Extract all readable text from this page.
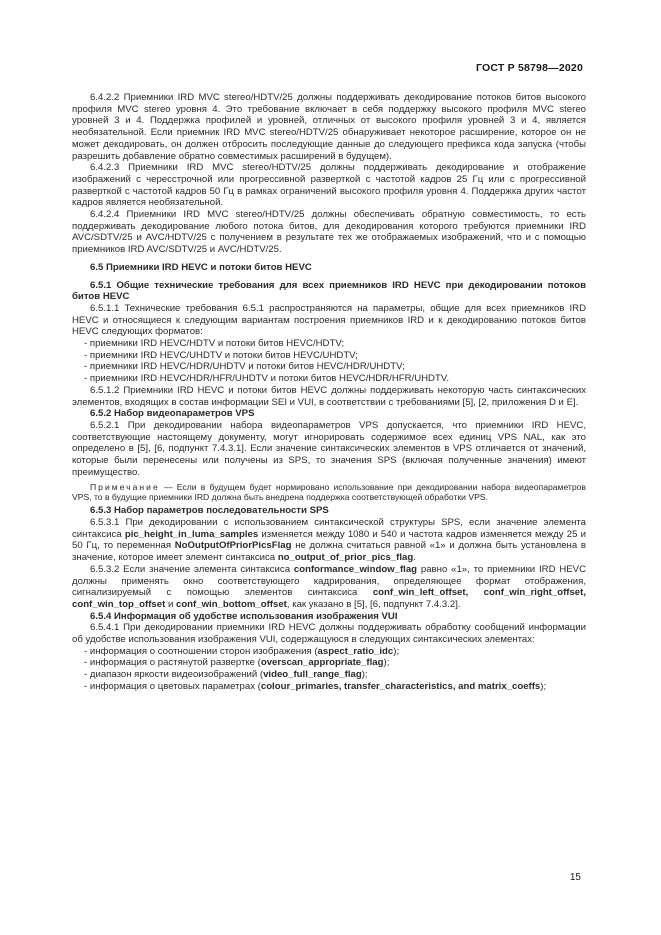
ГОСТ Р 58798—2020

6.4.2.2 Приемники IRD MVC stereo/HDTV/25 должны поддерживать декодирование потоков битов высокого профиля MVC stereo уровня 4. Это требование включает в себя поддержку высокого профиля MVC stereo уровней 3 и 4. Поддержка профилей и уровней, отличных от высокого профиля уровней 3 и 4, является необязательной. Если приемник IRD MVC stereo/HDTV/25 обнаруживает некоторое расширение, которое он не может декодировать, он должен отбросить последующие данные до следующего префикса кода запуска (чтобы разрешить добавление обратно совместимых расширений в будущем).

6.4.2.3 Приемники IRD MVC stereo/HDTV/25 должны поддерживать декодирование и отображение изображений с чересстрочной или прогрессивной разверткой с частотой кадров 25 Гц или с прогрессивной разверткой с частотой кадров 50 Гц в рамках ограничений высокого профиля уровня 4. Поддержка других частот кадров является необязательной.

6.4.2.4 Приемники IRD MVC stereo/HDTV/25 должны обеспечивать обратную совместимость, то есть поддерживать декодирование любого потока битов, для декодирования которого требуются приемники IRD AVC/SDTV/25 и AVC/HDTV/25 с получением в результате тех же отображаемых изображений, что и с помощью приемников IRD AVC/SDTV/25 и AVC/HDTV/25.

6.5 Приемники IRD HEVC и потоки битов HEVC

6.5.1 Общие технические требования для всех приемников IRD HEVC при декодировании потоков битов HEVC

6.5.1.1 Технические требования 6.5.1 распространяются на параметры, общие для всех приемников IRD HEVC и относящиеся к следующим вариантам построения приемников IRD и к декодированию потоков битов HEVC следующих форматов:

- приемники IRD HEVC/HDTV и потоки битов HEVC/HDTV;
- приемники IRD HEVC/UHDTV и потоки битов HEVC/UHDTV;
- приемники IRD HEVC/HDR/UHDTV и потоки битов HEVC/HDR/UHDTV;
- приемники IRD HEVC/HDR/HFR/UHDTV и потоки битов HEVC/HDR/HFR/UHDTV.

6.5.1.2 Приемники IRD HEVC и потоки битов HEVC должны поддерживать некоторую часть синтаксических элементов, входящих в состав информации SEI и VUI, в соответствии с требованиями [5], [2, приложения D и E].

6.5.2 Набор видеопараметров VPS

6.5.2.1 При декодировании набора видеопараметров VPS допускается, что приемники IRD HEVC, соответствующие настоящему документу, могут игнорировать содержимое всех единиц VPS NAL, как это определено в [5], [6, подпункт 7.4.3.1]. Если значение синтаксических элементов в VPS отличается от значений, которые были перенесены или получены из SPS, то значения SPS (включая полученные значения) имеют преимущество.

Примечание — Если в будущем будет нормировано использование при декодировании набора видеопараметров VPS, то в будущие приемники IRD должна быть внедрена поддержка соответствующей обработки VPS.

6.5.3 Набор параметров последовательности SPS

6.5.3.1 При декодировании с использованием синтаксической структуры SPS, если значение элемента синтаксиса pic_height_in_luma_samples изменяется между 1080 и 540 и частота кадров изменяется между 25 и 50 Гц, то переменная NoOutputOfPriorPicsFlag не должна считаться равной «1» и должна быть установлена в значение, которое имеет элемент синтаксиса no_output_of_prior_pics_flag.

6.5.3.2 Если значение элемента синтаксиса conformance_window_flag равно «1», то приемники IRD HEVC должны применять окно соответствующего кадрирования, определяющее формат отображения, сигнализируемый с помощью элементов синтаксиса conf_win_left_offset, conf_win_right_offset, conf_win_top_offset и conf_win_bottom_offset, как указано в [5], [6, подпункт 7.4.3.2].

6.5.4 Информация об удобстве использования изображения VUI

6.5.4.1 При декодировании приемники IRD HEVC должны поддерживать обработку сообщений информации об удобстве использования изображения VUI, содержащуюся в следующих синтаксических элементах:

- информация о соотношении сторон изображения (aspect_ratio_idc);
- информация о растянутой развертке (overscan_appropriate_flag);
- диапазон яркости видеоизображений (video_full_range_flag);
- информация о цветовых параметрах (colour_primaries, transfer_characteristics, and matrix_coeffs);
15
